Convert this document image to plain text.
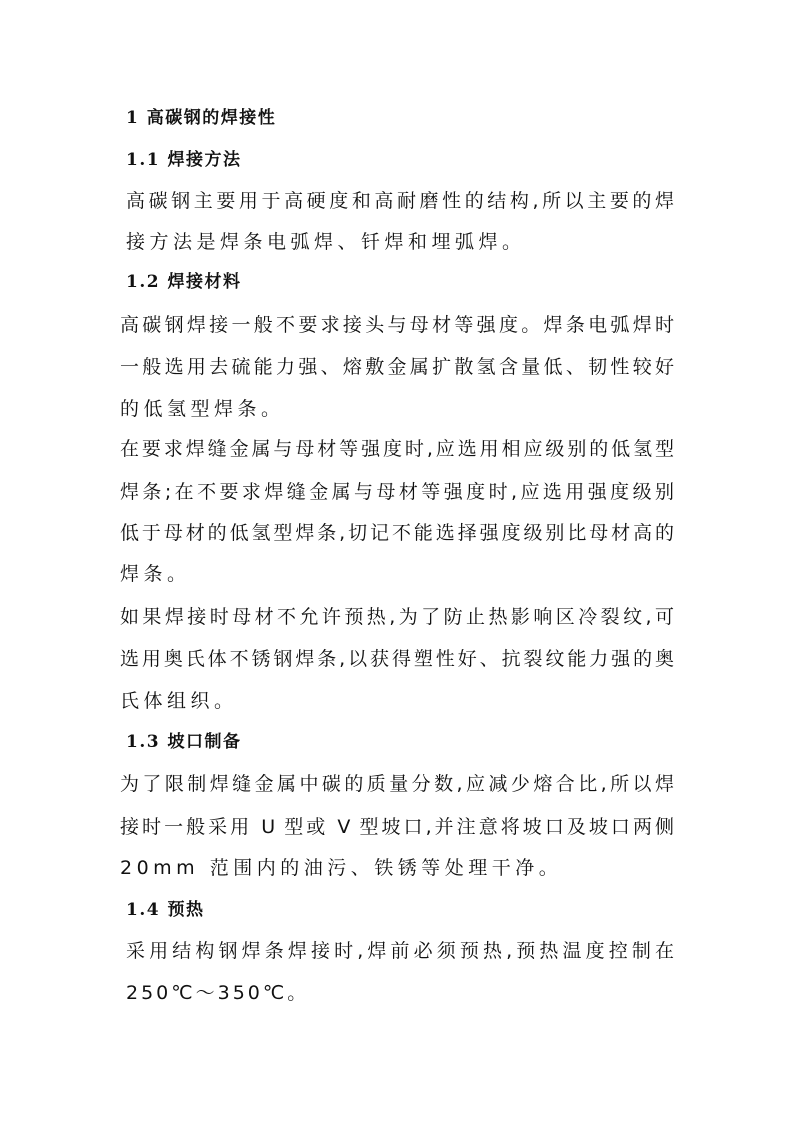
1 高碳钢的焊接性
1.1 焊接方法
高碳钢主要用于高硬度和高耐磨性的结构,所以主要的焊
接方法是焊条电弧焊、钎焊和埋弧焊。
1.2 焊接材料
高碳钢焊接一般不要求接头与母材等强度。焊条电弧焊时
一般选用去硫能力强、熔敷金属扩散氢含量低、韧性较好
的低氢型焊条。
在要求焊缝金属与母材等强度时,应选用相应级别的低氢型
焊条;在不要求焊缝金属与母材等强度时,应选用强度级别
低于母材的低氢型焊条,切记不能选择强度级别比母材高的
焊条。
如果焊接时母材不允许预热,为了防止热影响区冷裂纹,可
选用奥氏体不锈钢焊条,以获得塑性好、抗裂纹能力强的奥
氏体组织。
1.3 坡口制备
为了限制焊缝金属中碳的质量分数,应减少熔合比,所以焊
接时一般采用 U 型或 V 型坡口,并注意将坡口及坡口两侧
20mm 范围内的油污、铁锈等处理干净。
1.4 预热
采用结构钢焊条焊接时,焊前必须预热,预热温度控制在
250℃～350℃。
